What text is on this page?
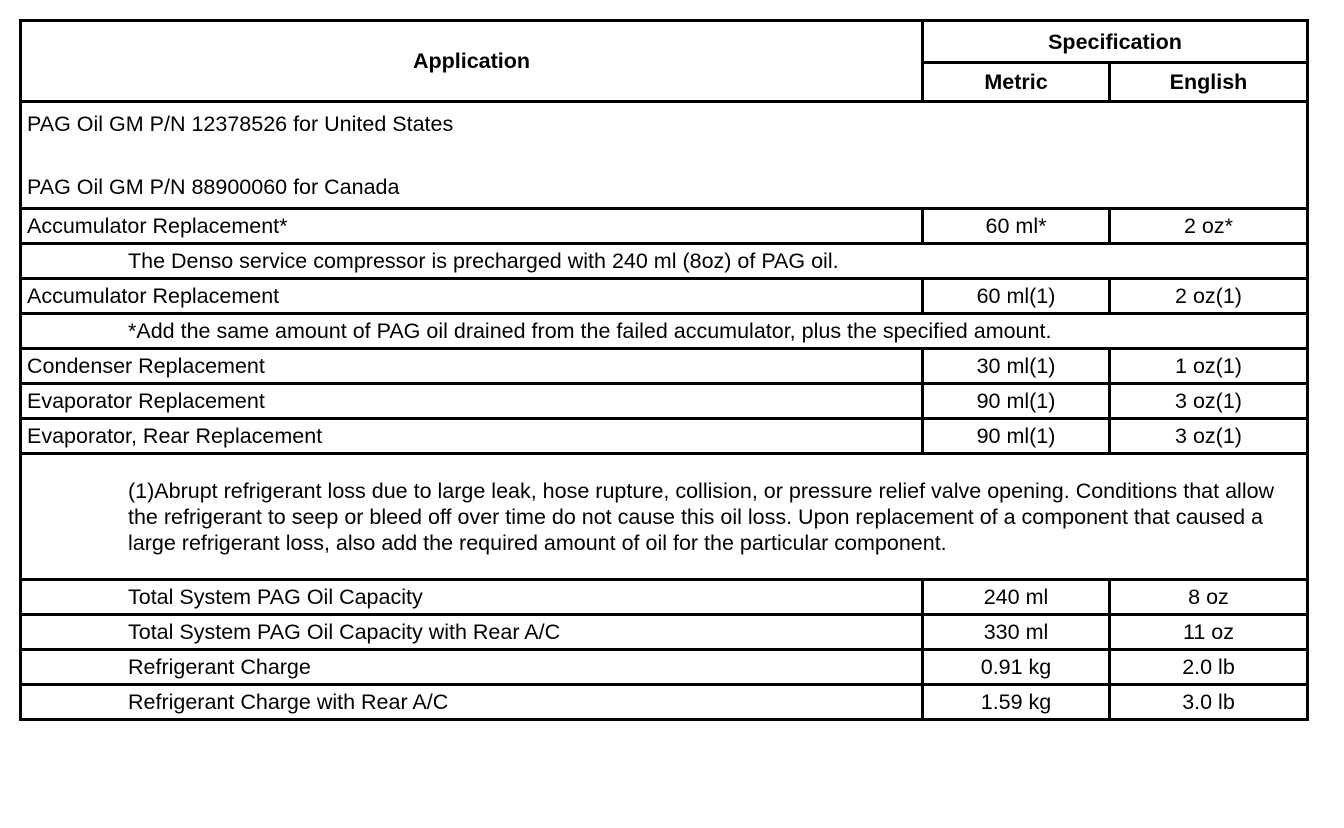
Application	Specification	
	Metric	English

PAG Oil GM P/N 12378526 for United States
PAG Oil GM P/N 88900060 for Canada		

Accumulator Replacement*	60 ml*	2 oz*
The Denso service compressor is precharged with 240 ml (8oz) of PAG oil.		
Accumulator Replacement	60 ml(1)	2 oz(1)
*Add the same amount of PAG oil drained from the failed accumulator, plus the specified amount.		
Condenser Replacement	30 ml(1)	1 oz(1)
Evaporator Replacement	90 ml(1)	3 oz(1)
Evaporator, Rear Replacement	90 ml(1)	3 oz(1)
(1)Abrupt refrigerant loss due to large leak, hose rupture, collision, or pressure relief valve opening. Conditions that allow the refrigerant to seep or bleed off over time do not cause this oil loss. Upon replacement of a component that caused a large refrigerant loss, also add the required amount of oil for the particular component.		
Total System PAG Oil Capacity	240 ml	8 oz
Total System PAG Oil Capacity with Rear A/C	330 ml	11 oz
Refrigerant Charge	0.91 kg	2.0 lb
Refrigerant Charge with Rear A/C	1.59 kg	3.0 lb
